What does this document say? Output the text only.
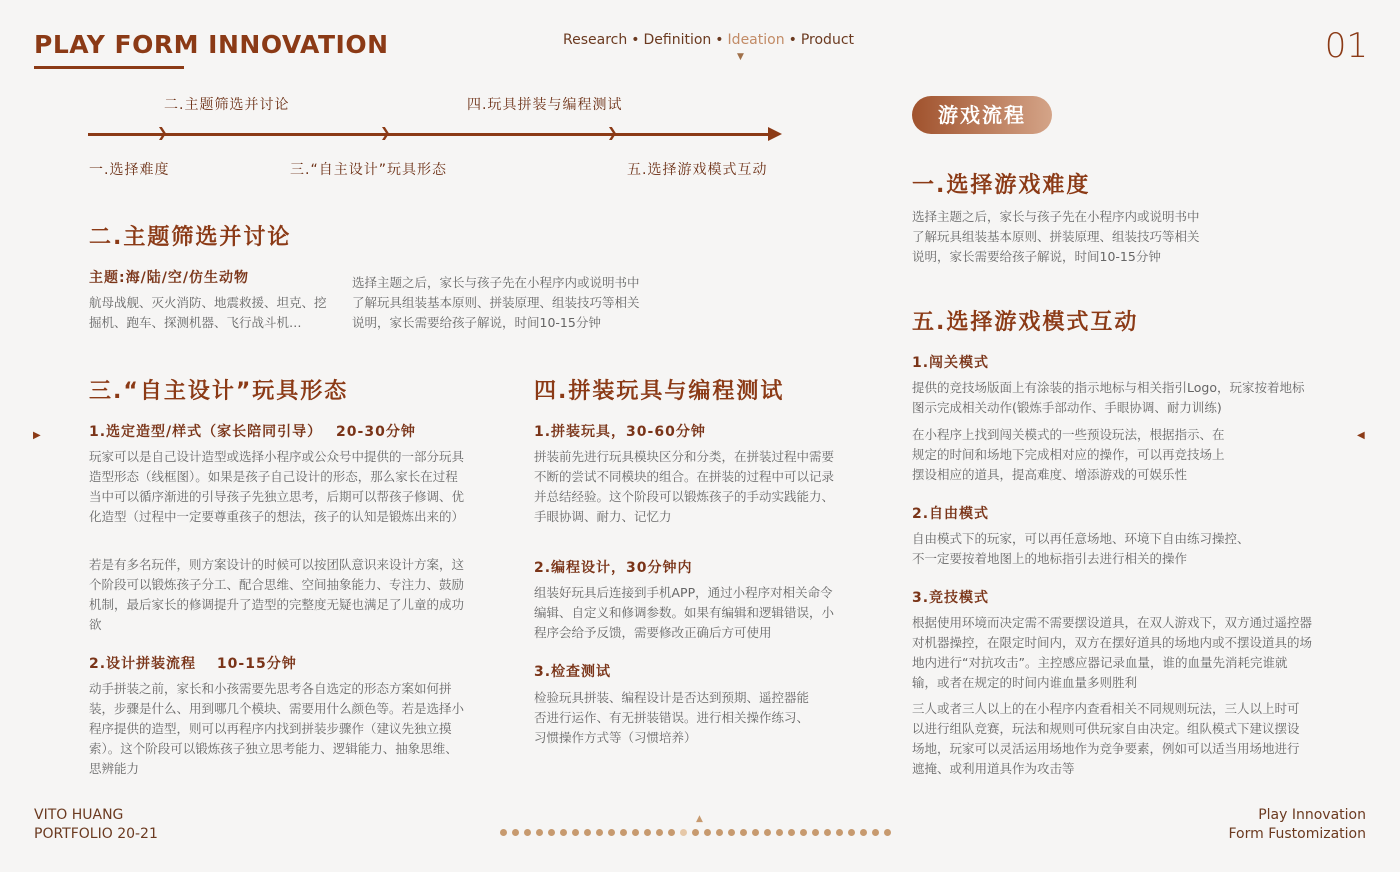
PLAY FORM INNOVATION	Research • Definition • Ideation • Product
▼	01
二.主题筛选并讨论	四.玩具拼装与编程测试
❯	❯	❯
一.选择难度	三.“自主设计”玩具形态	五.选择游戏模式互动
二.主题筛选并讨论
主题:海/陆/空/仿生动物
航母战舰、灭火消防、地震救援、坦克、挖掘机、跑车、探测机器、飞行战斗机…
选择主题之后，家长与孩子先在小程序内或说明书中了解玩具组装基本原则、拼装原理、组装技巧等相关说明，家长需要给孩子解说，时间10-15分钟
三.“自主设计”玩具形态
1.选定造型/样式（家长陪同引导）　 20-30分钟
玩家可以是自己设计造型或选择小程序或公众号中提供的一部分玩具造型形态（线框图）。如果是孩子自己设计的形态，那么家长在过程当中可以循序渐进的引导孩子先独立思考，后期可以帮孩子修调、优化造型（过程中一定要尊重孩子的想法，孩子的认知是锻炼出来的）
若是有多名玩伴，则方案设计的时候可以按团队意识来设计方案，这个阶段可以锻炼孩子分工、配合思维、空间抽象能力、专注力、鼓励机制，最后家长的修调提升了造型的完整度无疑也满足了儿童的成功欲
2.设计拼装流程　 10-15分钟
动手拼装之前，家长和小孩需要先思考各自选定的形态方案如何拼装，步骤是什么、用到哪几个模块、需要用什么颜色等。若是选择小程序提供的造型，则可以再程序内找到拼装步骤作（建议先独立摸索）。这个阶段可以锻炼孩子独立思考能力、逻辑能力、抽象思维、思辨能力
四.拼装玩具与编程测试
1.拼装玩具，30-60分钟
拼装前先进行玩具模块区分和分类，在拼装过程中需要不断的尝试不同模块的组合。在拼装的过程中可以记录并总结经验。这个阶段可以锻炼孩子的手动实践能力、手眼协调、耐力、记忆力
2.编程设计，30分钟内
组装好玩具后连接到手机APP，通过小程序对相关命令编辑、自定义和修调参数。如果有编辑和逻辑错误，小程序会给予反馈，需要修改正确后方可使用
3.检查测试
检验玩具拼装、编程设计是否达到预期、遥控器能否进行运作、有无拼装错误。进行相关操作练习、习惯操作方式等（习惯培养）
游戏流程
一.选择游戏难度
选择主题之后，家长与孩子先在小程序内或说明书中了解玩具组装基本原则、拼装原理、组装技巧等相关说明，家长需要给孩子解说，时间10-15分钟
五.选择游戏模式互动
1.闯关模式
提供的竞技场版面上有涂装的指示地标与相关指引Logo，玩家按着地标图示完成相关动作(锻炼手部动作、手眼协调、耐力训练)
在小程序上找到闯关模式的一些预设玩法，根据指示、在规定的时间和场地下完成相对应的操作，可以再竞技场上摆设相应的道具，提高难度、增添游戏的可娱乐性
2.自由模式
自由模式下的玩家，可以再任意场地、环境下自由练习操控、不一定要按着地图上的地标指引去进行相关的操作
3.竞技模式
根据使用环境而决定需不需要摆设道具，在双人游戏下，双方通过遥控器对机器操控，在限定时间内，双方在摆好道具的场地内或不摆设道具的场地内进行“对抗攻击”。主控感应器记录血量，谁的血量先消耗完谁就输，或者在规定的时间内谁血量多则胜利
三人或者三人以上的在小程序内查看相关不同规则玩法，三人以上时可以进行组队竞赛，玩法和规则可供玩家自由决定。组队模式下建议摆设场地，玩家可以灵活运用场地作为竞争要素，例如可以适当用场地进行遮掩、或利用道具作为攻击等
▶	◀
VITO HUANG
PORTFOLIO 20-21
Play Innovation
Form Fustomization
▲
